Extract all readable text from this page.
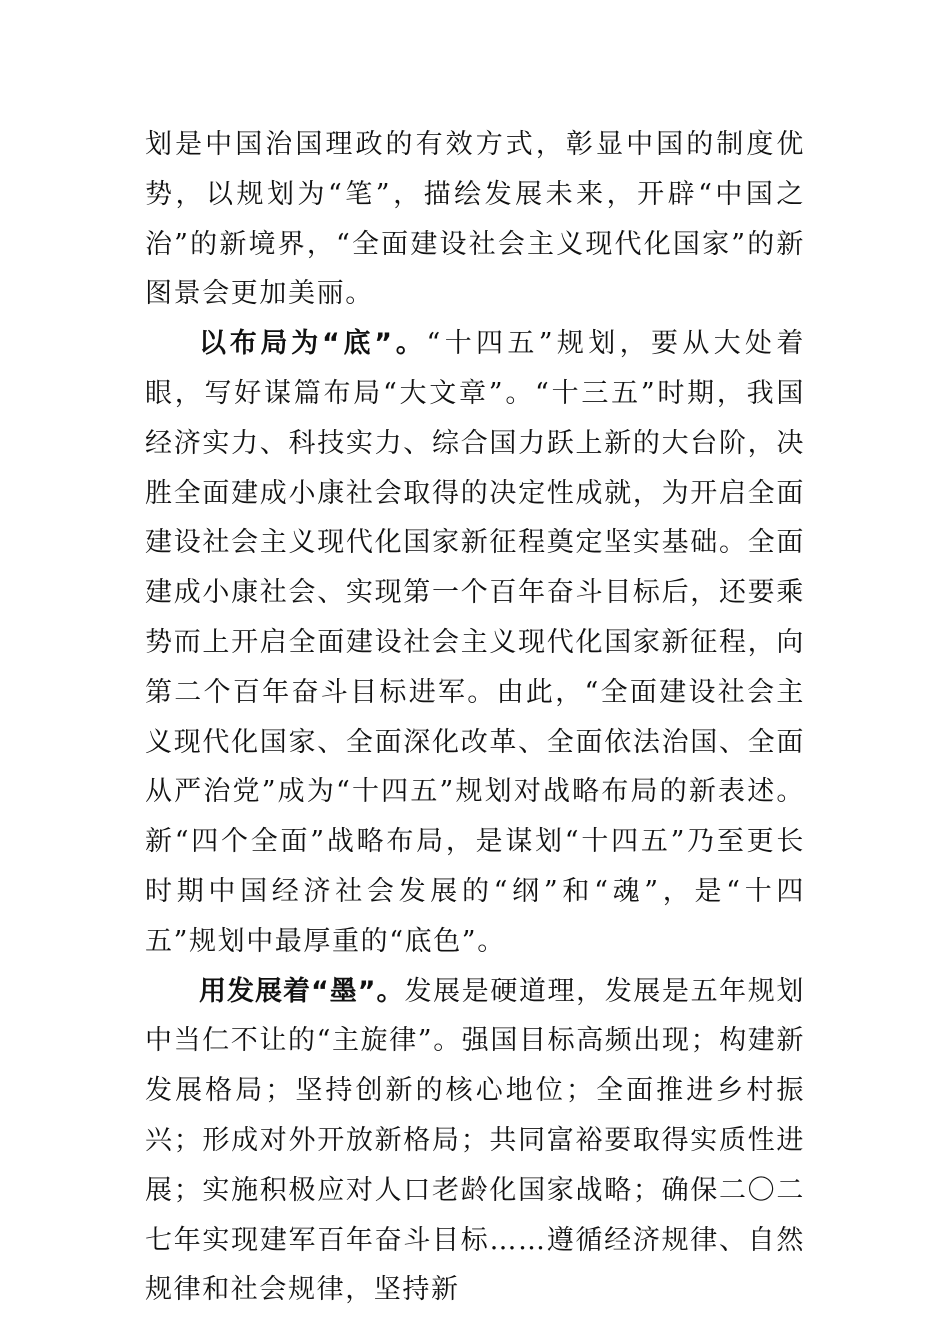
划是中国治国理政的有效方式，彰显中国的制度优势，以规划为“笔”，描绘发展未来，开辟“中国之治”的新境界，“全面建设社会主义现代化国家”的新图景会更加美丽。

以布局为“底”。“十四五”规划，要从大处着眼，写好谋篇布局“大文章”。“十三五”时期，我国经济实力、科技实力、综合国力跃上新的大台阶，决胜全面建成小康社会取得的决定性成就，为开启全面建设社会主义现代化国家新征程奠定坚实基础。全面建成小康社会、实现第一个百年奋斗目标后，还要乘势而上开启全面建设社会主义现代化国家新征程，向第二个百年奋斗目标进军。由此，“全面建设社会主义现代化国家、全面深化改革、全面依法治国、全面从严治党”成为“十四五”规划对战略布局的新表述。新“四个全面”战略布局，是谋划“十四五”乃至更长时期中国经济社会发展的“纲”和“魂”，是“十四五”规划中最厚重的“底色”。

用发展着“墨”。发展是硬道理，发展是五年规划中当仁不让的“主旋律”。强国目标高频出现；构建新发展格局；坚持创新的核心地位；全面推进乡村振兴；形成对外开放新格局；共同富裕要取得实质性进展；实施积极应对人口老龄化国家战略；确保二〇二七年实现建军百年奋斗目标……遵循经济规律、自然规律和社会规律，坚持新
